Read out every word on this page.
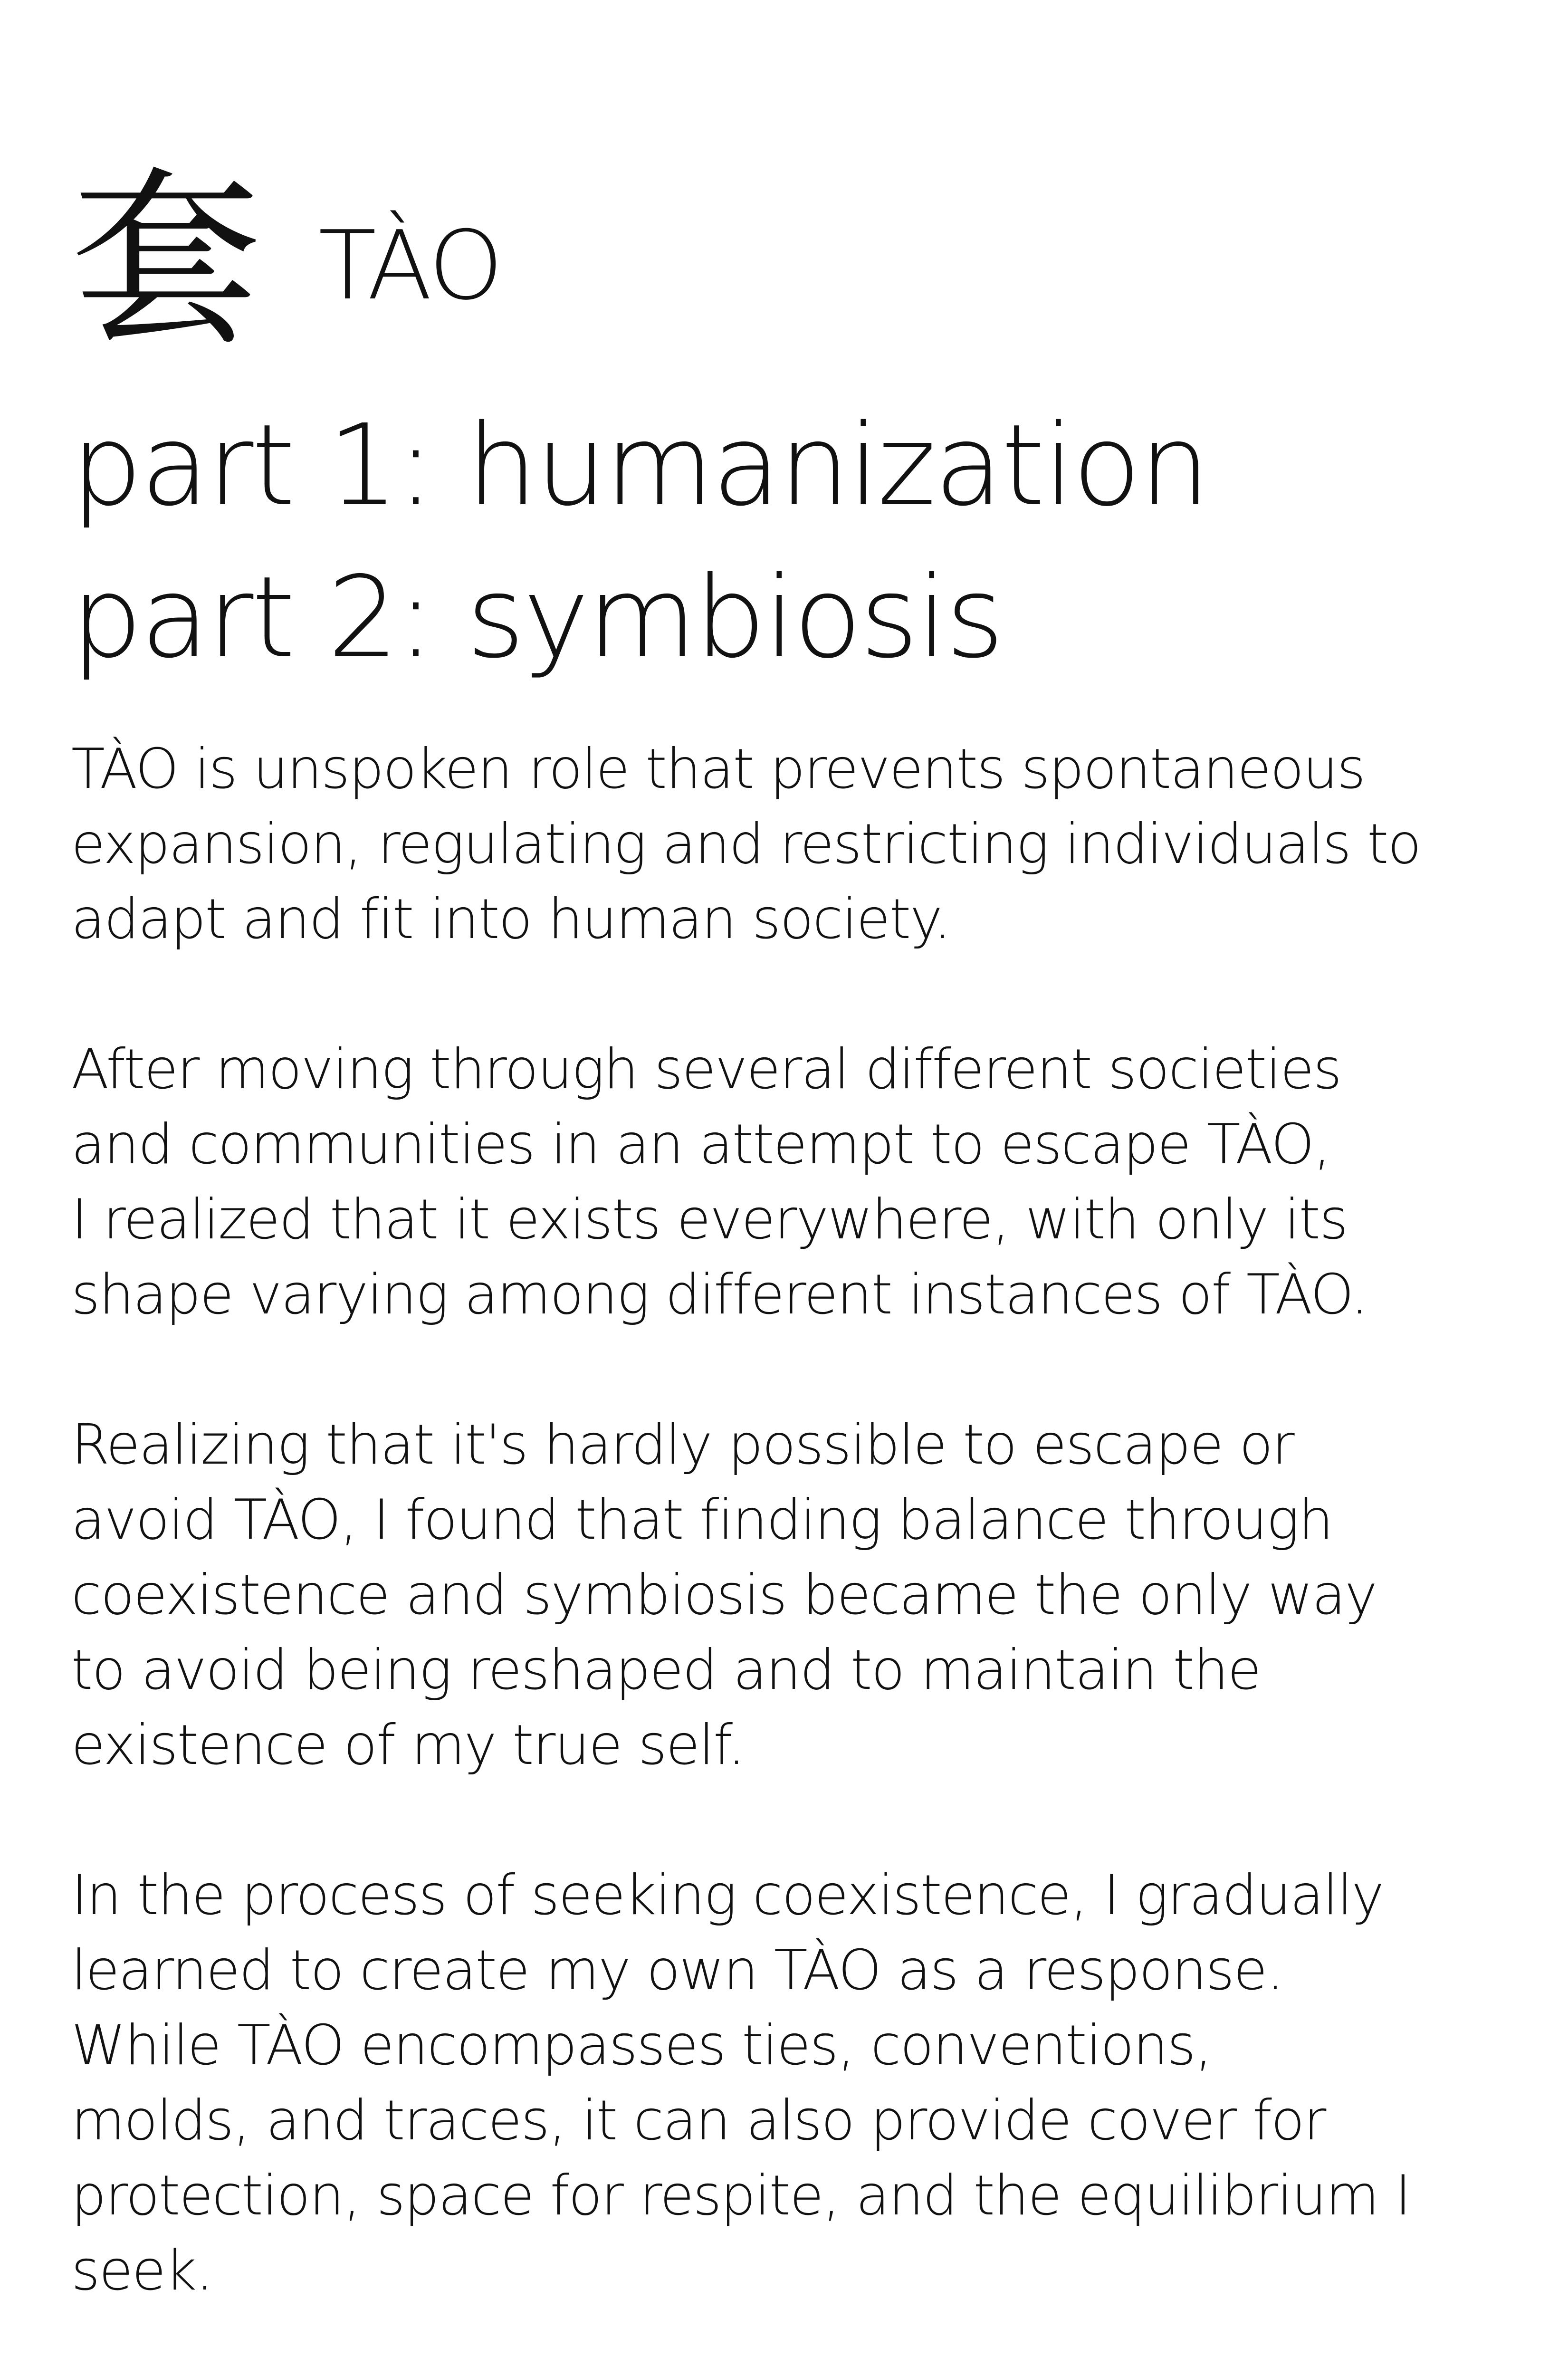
套 TÀO
part 1: humanization
part 2: symbiosis

TÀO is unspoken role that prevents spontaneous
expansion, regulating and restricting individuals to
adapt and fit into human society.

After moving through several different societies
and communities in an attempt to escape TÀO,
I realized that it exists everywhere, with only its
shape varying among different instances of TÀO.

Realizing that it's hardly possible to escape or
avoid TÀO, I found that finding balance through
coexistence and symbiosis became the only way
to avoid being reshaped and to maintain the
existence of my true self.

In the process of seeking coexistence, I gradually
learned to create my own TÀO as a response.
While TÀO encompasses ties, conventions,
molds, and traces, it can also provide cover for
protection, space for respite, and the equilibrium I
seek.
